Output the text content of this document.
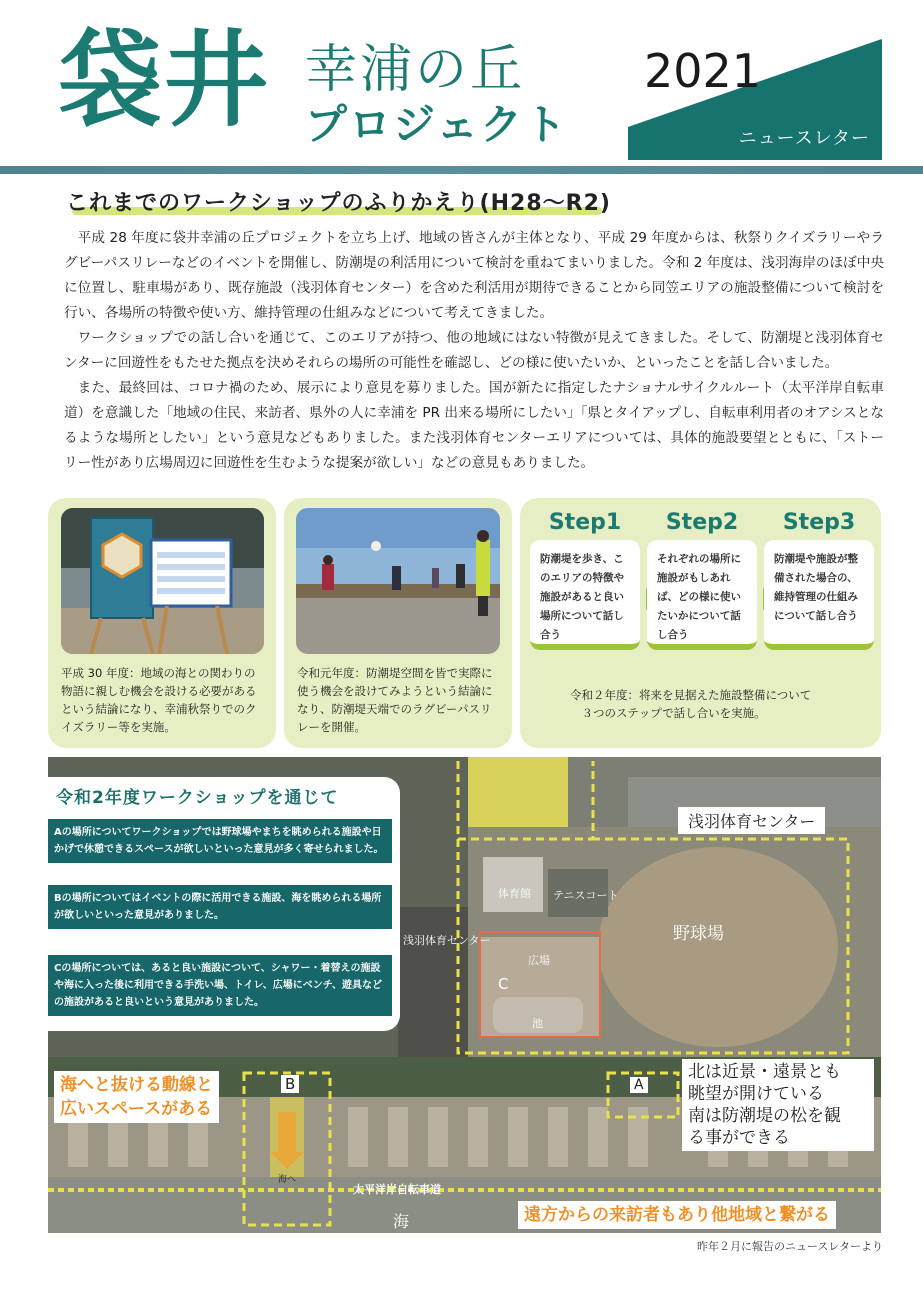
袋井 幸浦の丘
プロジェクト
2021
ニュースレター
これまでのワークショップのふりかえり(H28～R2)

平成 28 年度に袋井幸浦の丘プロジェクトを立ち上げ、地域の皆さんが主体となり、平成 29 年度からは、秋祭りクイズラリーやラグビーパスリレーなどのイベントを開催し、防潮堤の利活用について検討を重ねてまいりました。令和 2 年度は、浅羽海岸のほぼ中央に位置し、駐車場があり、既存施設（浅羽体育センター）を含めた利活用が期待できることから同笠エリアの施設整備について検討を行い、各場所の特徴や使い方、維持管理の仕組みなどについて考えてきました。

ワークショップでの話し合いを通じて、このエリアが持つ、他の地域にはない特徴が見えてきました。そして、防潮堤と浅羽体育センターに回遊性をもたせた拠点を決めそれらの場所の可能性を確認し、どの様に使いたいか、といったことを話し合いました。

また、最終回は、コロナ禍のため、展示により意見を募りました。国が新たに指定したナショナルサイクルルート（太平洋岸自転車道）を意識した「地域の住民、来訪者、県外の人に幸浦を PR 出来る場所にしたい」「県とタイアップし、自転車利用者のオアシスとなるような場所としたい」という意見などもありました。また浅羽体育センターエリアについては、具体的施設要望とともに、「ストーリー性があり広場周辺に回遊性を生むような提案が欲しい」などの意見もありました。

平成 30 年度：地域の海との関わりの物語に親しむ機会を設ける必要があるという結論になり、幸浦秋祭りでのクイズラリー等を実施。
令和元年度：防潮堤空間を皆で実際に使う機会を設けてみようという結論になり、防潮堤天端でのラグビーパスリレーを開催。
Step1
防潮堤を歩き、このエリアの特徴や施設があると良い場所について話し合う
Step2
それぞれの場所に施設がもしあれば、どの様に使いたいかについて話し合う
Step3
防潮堤や施設が整備された場合の、維持管理の仕組みについて話し合う
令和２年度：将来を見据えた施設整備について
３つのステップで話し合いを実施。
浅羽体育センター
野球場
体育館 テニスコート
浅羽体育センター
広場
池
C
B
海へ
A
北は近景・遠景とも
眺望が開けている
南は防潮堤の松を観
る事ができる
海へと抜ける動線と
広いスペースがある
遠方からの来訪者もあり他地域と繋がる
太平洋岸自転車道
海
令和2年度ワークショップを通じて
Aの場所についてワークショップでは野球場やまちを眺められる施設や日かげで休憩できるスペースが欲しいといった意見が多く寄せられました。
Bの場所についてはイベントの際に活用できる施設、海を眺められる場所が欲しいといった意見がありました。
Cの場所については、あると良い施設について、シャワー・着替えの施設や海に入った後に利用できる手洗い場、トイレ、広場にベンチ、遊具などの施設があると良いという意見がありました。
昨年２月に報告のニュースレターより
